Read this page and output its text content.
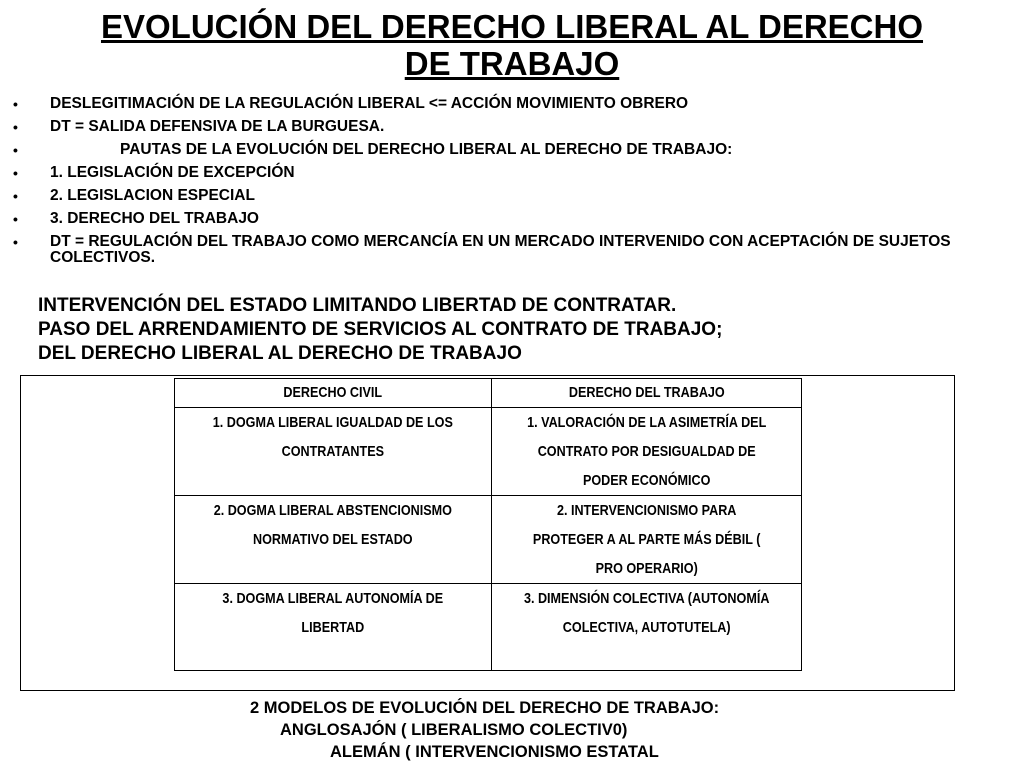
EVOLUCIÓN DEL DERECHO LIBERAL AL DERECHO
DE TRABAJO
• DESLEGITIMACIÓN DE LA REGULACIÓN LIBERAL <= ACCIÓN MOVIMIENTO OBRERO
• DT = SALIDA DEFENSIVA DE LA BURGUESA.
•	PAUTAS DE LA EVOLUCIÓN DEL DERECHO LIBERAL AL DERECHO DE TRABAJO:
• 1. LEGISLACIÓN DE EXCEPCIÓN
• 2. LEGISLACION ESPECIAL
• 3. DERECHO DEL TRABAJO
• DT = REGULACIÓN DEL TRABAJO COMO MERCANCÍA EN UN MERCADO INTERVENIDO CON ACEPTACIÓN DE SUJETOS COLECTIVOS.
INTERVENCIÓN DEL ESTADO LIMITANDO LIBERTAD DE CONTRATAR.
PASO DEL ARRENDAMIENTO DE SERVICIOS AL CONTRATO DE TRABAJO;
DEL DERECHO LIBERAL AL DERECHO DE TRABAJO
DERECHO CIVIL	DERECHO DEL TRABAJO
1. DOGMA LIBERAL IGUALDAD DE LOS CONTRATANTES	1. VALORACIÓN DE LA ASIMETRÍA DEL CONTRATO POR DESIGUALDAD DE PODER ECONÓMICO
2. DOGMA LIBERAL ABSTENCIONISMO NORMATIVO DEL ESTADO	2. INTERVENCIONISMO PARA PROTEGER A AL PARTE MÁS DÉBIL ( PRO OPERARIO)
3. DOGMA LIBERAL AUTONOMÍA DE LIBERTAD	3. DIMENSIÓN COLECTIVA (AUTONOMÍA COLECTIVA, AUTOTUTELA)
2 MODELOS DE EVOLUCIÓN DEL DERECHO DE TRABAJO:
ANGLOSAJÓN ( LIBERALISMO COLECTIV0)
ALEMÁN ( INTERVENCIONISMO ESTATAL
